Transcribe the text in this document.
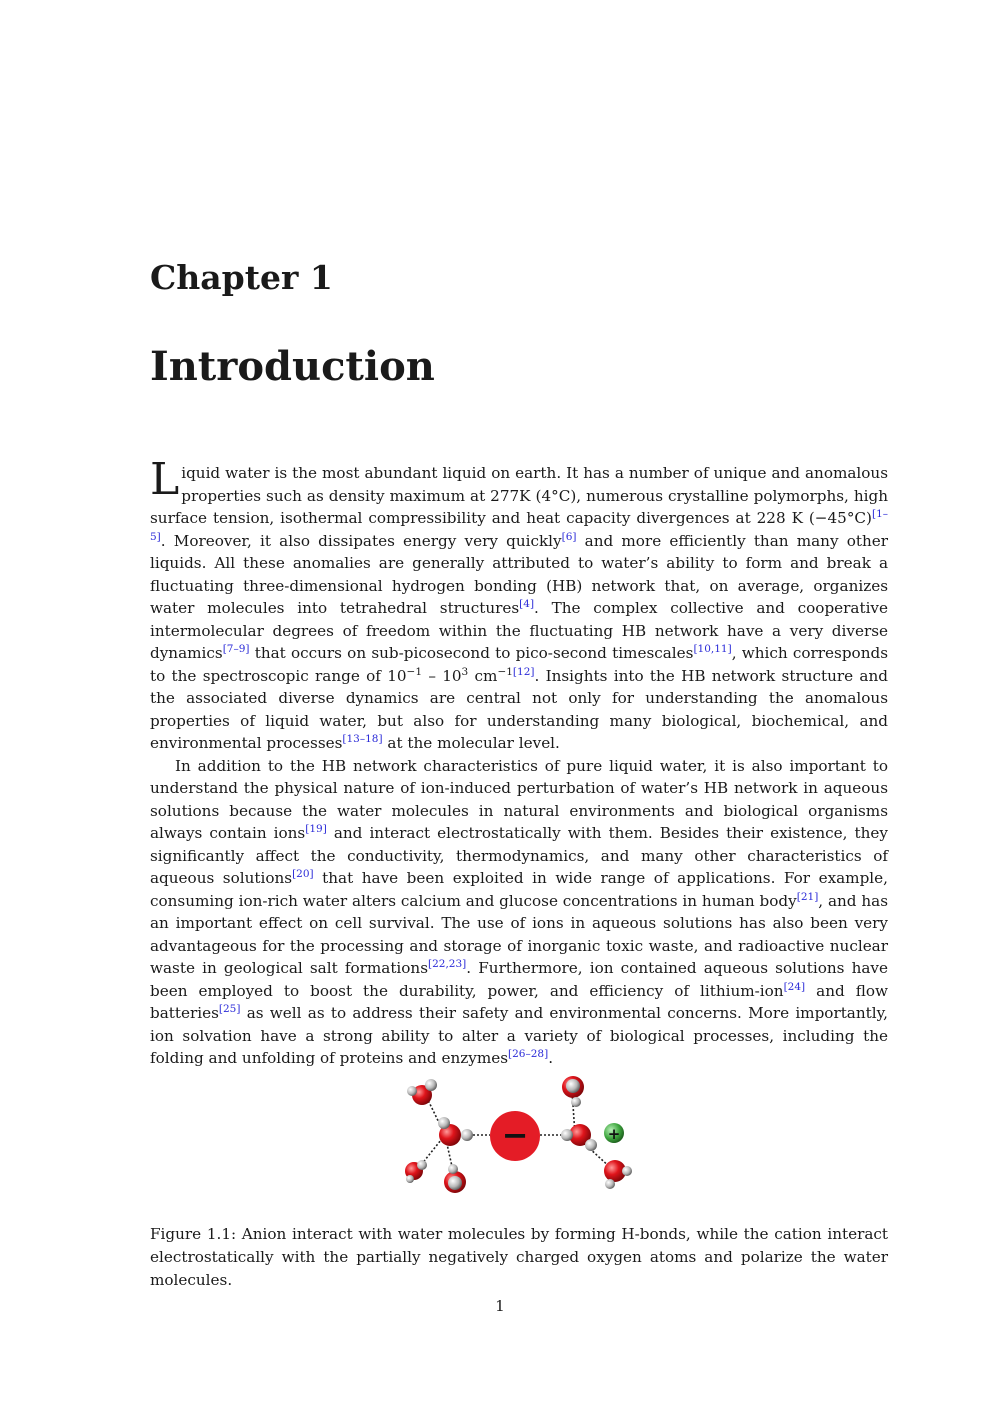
Chapter 1
Introduction

Liquid water is the most abundant liquid on earth. It has a number of unique and anomalous properties such as density maximum at 277K (4°C), numerous crystalline polymorphs, high surface tension, isothermal compressibility and heat capacity divergences at 228 K (−45°C)[1–5]. Moreover, it also dissipates energy very quickly[6] and more efficiently than many other liquids. All these anomalies are generally attributed to water’s ability to form and break a fluctuating three-dimensional hydrogen bonding (HB) network that, on average, organizes water molecules into tetrahedral structures[4]. The complex collective and cooperative intermolecular degrees of freedom within the fluctuating HB network have a very diverse dynamics[7–9] that occurs on sub-picosecond to pico-second timescales[10,11], which corresponds to the spectroscopic range of $10^{-1} - 10^3$ cm$^{-1[12]}$. Insights into the HB network structure and the associated diverse dynamics are central not only for understanding the anomalous properties of liquid water, but also for understanding many biological, biochemical, and environmental processes[13–18] at the molecular level.

In addition to the HB network characteristics of pure liquid water, it is also important to understand the physical nature of ion-induced perturbation of water’s HB network in aqueous solutions because the water molecules in natural environments and biological organisms always contain ions[19] and interact electrostatically with them. Besides their existence, they significantly affect the conductivity, thermodynamics, and many other characteristics of aqueous solutions[20] that have been exploited in wide range of applications. For example, consuming ion-rich water alters calcium and glucose concentrations in human body[21], and has an important effect on cell survival. The use of ions in aqueous solutions has also been very advantageous for the processing and storage of inorganic toxic waste, and radioactive nuclear waste in geological salt formations[22,23]. Furthermore, ion contained aqueous solutions have been employed to boost the durability, power, and efficiency of lithium-ion[24] and flow batteries[25] as well as to address their safety and environmental concerns. More importantly, ion solvation have a strong ability to alter a variety of biological processes, including the folding and unfolding of proteins and enzymes[26–28].

−	+
Figure 1.1: Anion interact with water molecules by forming H-bonds, while the cation interact electrostatically with the partially negatively charged oxygen atoms and polarize the water molecules.
1
